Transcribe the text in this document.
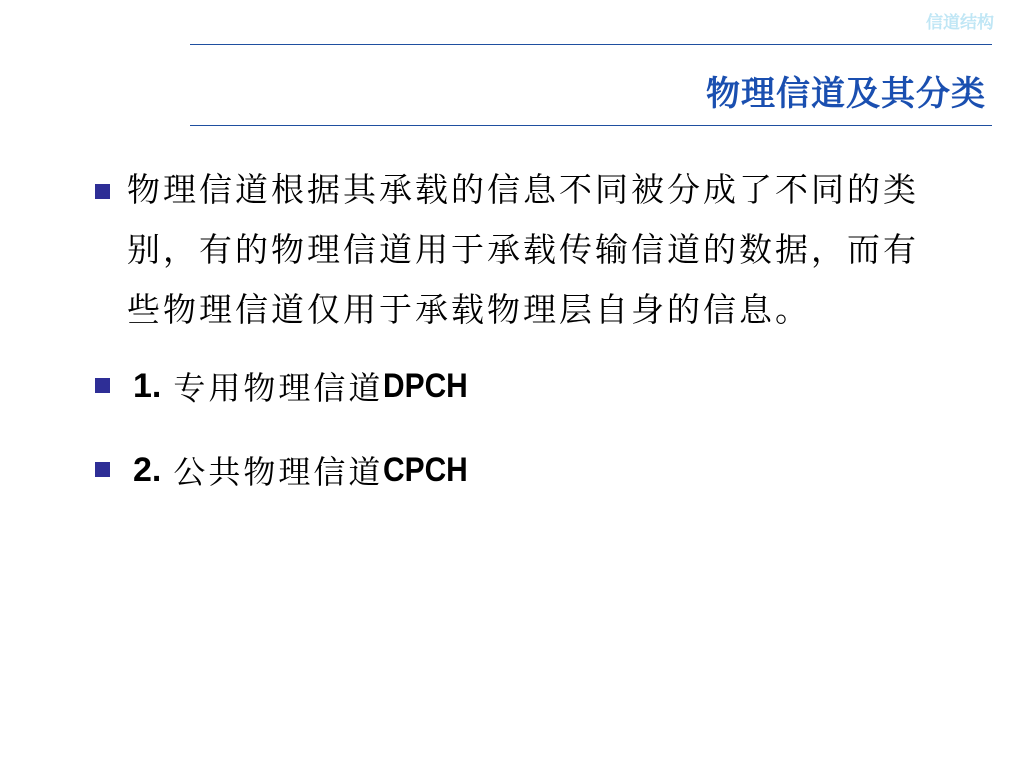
信道结构
物理信道及其分类
物理信道根据其承载的信息不同被分成了不同的类别，有的物理信道用于承载传输信道的数据，而有些物理信道仅用于承载物理层自身的信息。
1. 专用物理信道 DPCH
2. 公共物理信道 CPCH
